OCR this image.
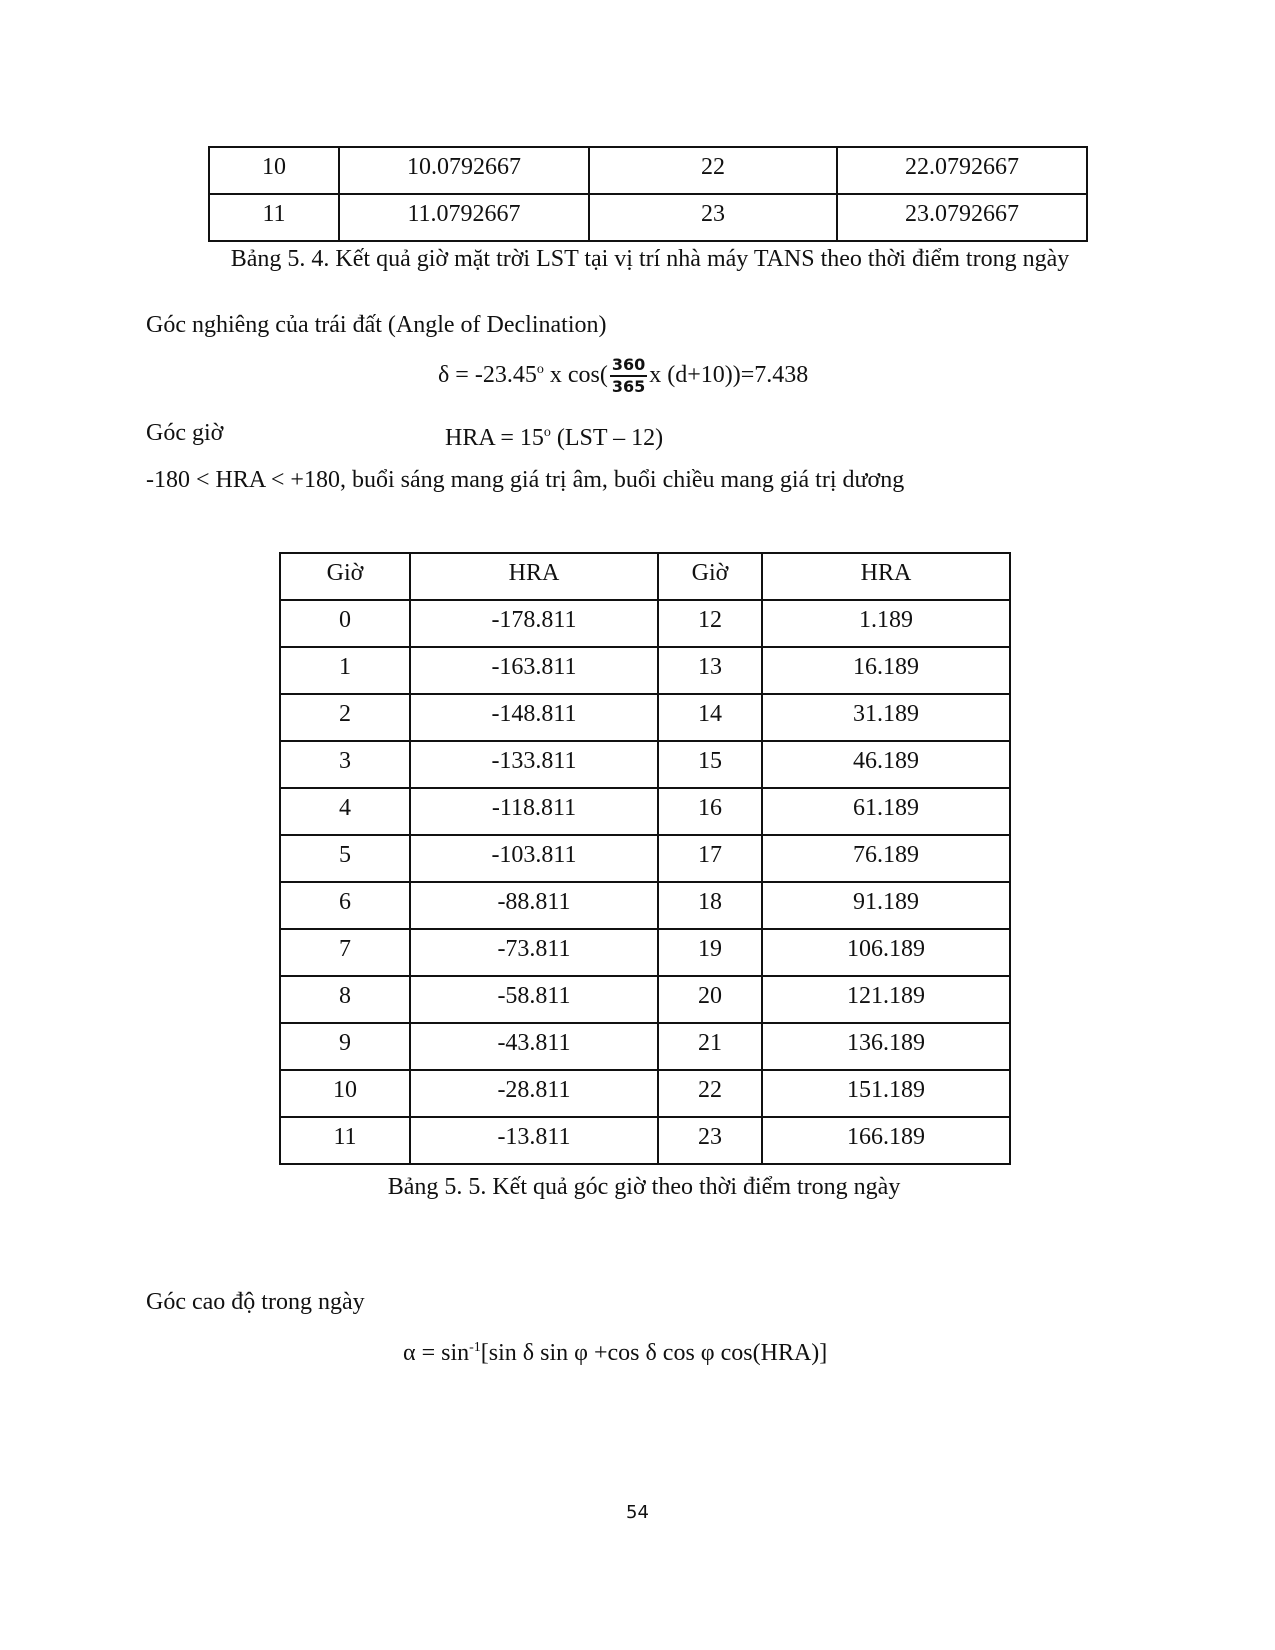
10	10.0792667	22	22.0792667
11	11.0792667	23	23.0792667
Bảng 5. 4. Kết quả giờ mặt trời LST tại vị trí nhà máy TANS theo thời điểm trong ngày
Góc nghiêng của trái đất (Angle of Declination)
$\delta = -23.45^o$ x $\cos( \frac{360}{365}$ x (d+10))=7.438
Góc giờ	HRA = $15^o$ (LST – 12)
-180 < HRA < +180, buổi sáng mang giá trị âm, buổi chiều mang giá trị dương
Giờ	HRA	Giờ	HRA
0	-178.811	12	1.189
1	-163.811	13	16.189
2	-148.811	14	31.189
3	-133.811	15	46.189
4	-118.811	16	61.189
5	-103.811	17	76.189
6	-88.811	18	91.189
7	-73.811	19	106.189
8	-58.811	20	121.189
9	-43.811	21	136.189
10	-28.811	22	151.189
11	-13.811	23	166.189
Bảng 5. 5. Kết quả góc giờ theo thời điểm trong ngày
Góc cao độ trong ngày
$\alpha = \sin^{-1}[\sin$ δ sin φ +cos δ cos φ cos(HRA)]
54
